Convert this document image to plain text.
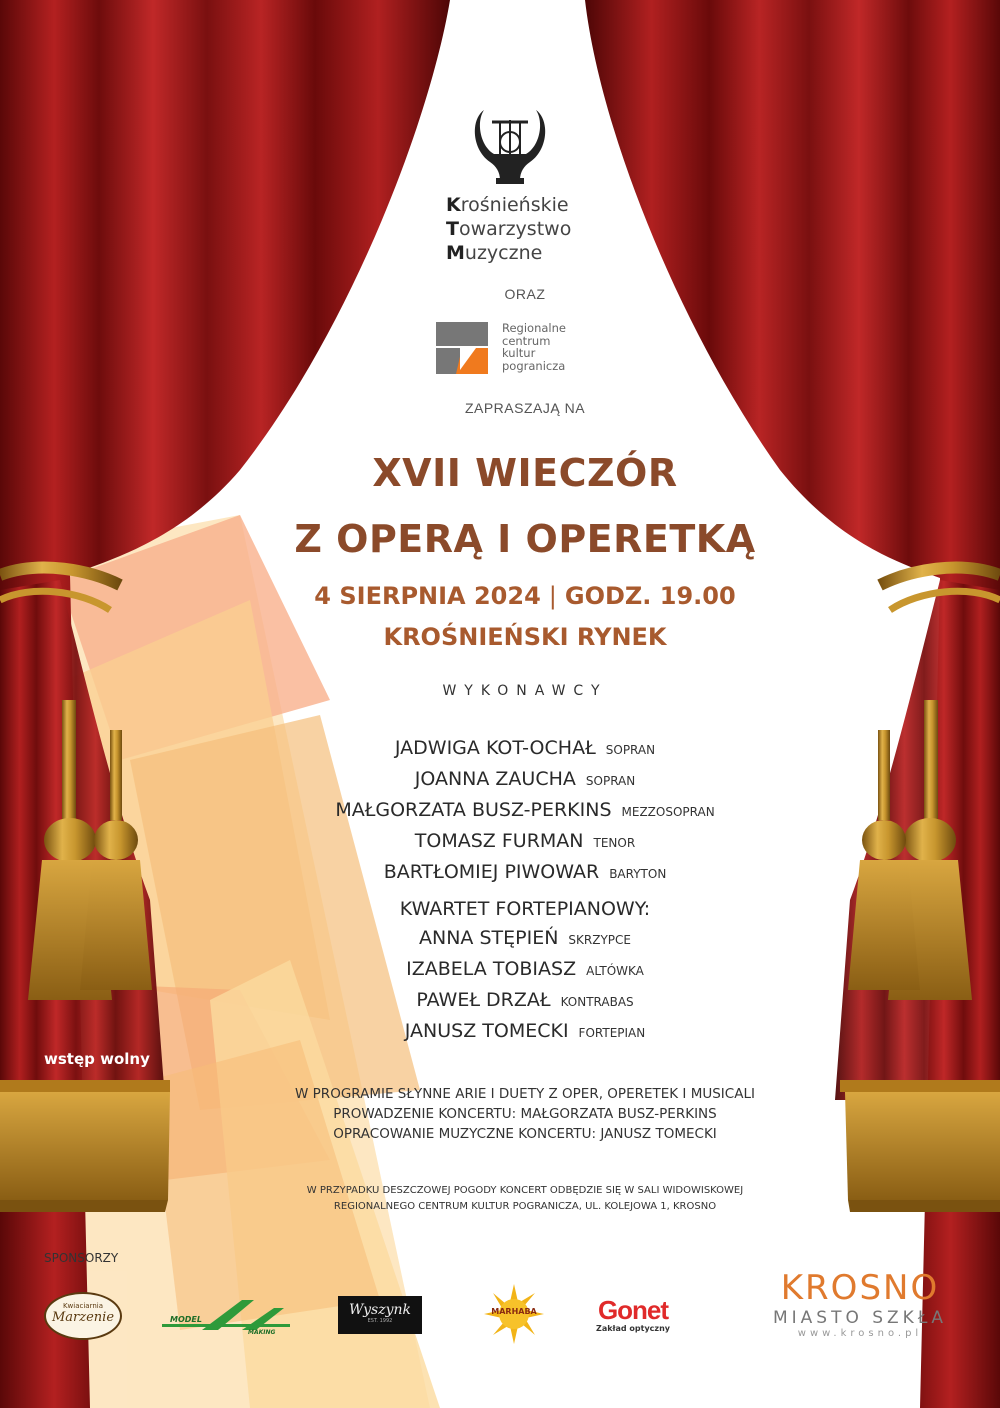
Krośnieńskie
Towarzystwo
Muzyczne
ORAZ
Regionalne
centrum
kultur
pogranicza
ZAPRASZAJĄ NA
XVII WIECZÓR
Z OPERĄ I OPERETKĄ
4 SIERPNIA 2024 | GODZ. 19.00
KROŚNIEŃSKI RYNEK
WYKONAWCY
JADWIGA KOT-OCHAŁ SOPRAN
JOANNA ZAUCHA SOPRAN
MAŁGORZATA BUSZ-PERKINS MEZZOSOPRAN
TOMASZ FURMAN TENOR
BARTŁOMIEJ PIWOWAR BARYTON
KWARTET FORTEPIANOWY:
ANNA STĘPIEŃ SKRZYPCE
IZABELA TOBIASZ ALTÓWKA
PAWEŁ DRZAŁ KONTRABAS
JANUSZ TOMECKI FORTEPIAN
wstęp wolny
W PROGRAMIE SŁYNNE ARIE I DUETY Z OPER, OPERETEK I MUSICALI
PROWADZENIE KONCERTU: MAŁGORZATA BUSZ-PERKINS
OPRACOWANIE MUZYCZNE KONCERTU: JANUSZ TOMECKI
W PRZYPADKU DESZCZOWEJ POGODY KONCERT ODBĘDZIE SIĘ W SALI WIDOWISKOWEJ
REGIONALNEGO CENTRUM KULTUR POGRANICZA, UL. KOLEJOWA 1, KROSNO
SPONSORZY
Kwiaciarnia
Marzenie	MODEL
MAKING
Wyszynk
EST. 1992
MARHABA	Gonet
Zakład optyczny
KROSNO
MIASTO SZKŁA
www.krosno.pl
